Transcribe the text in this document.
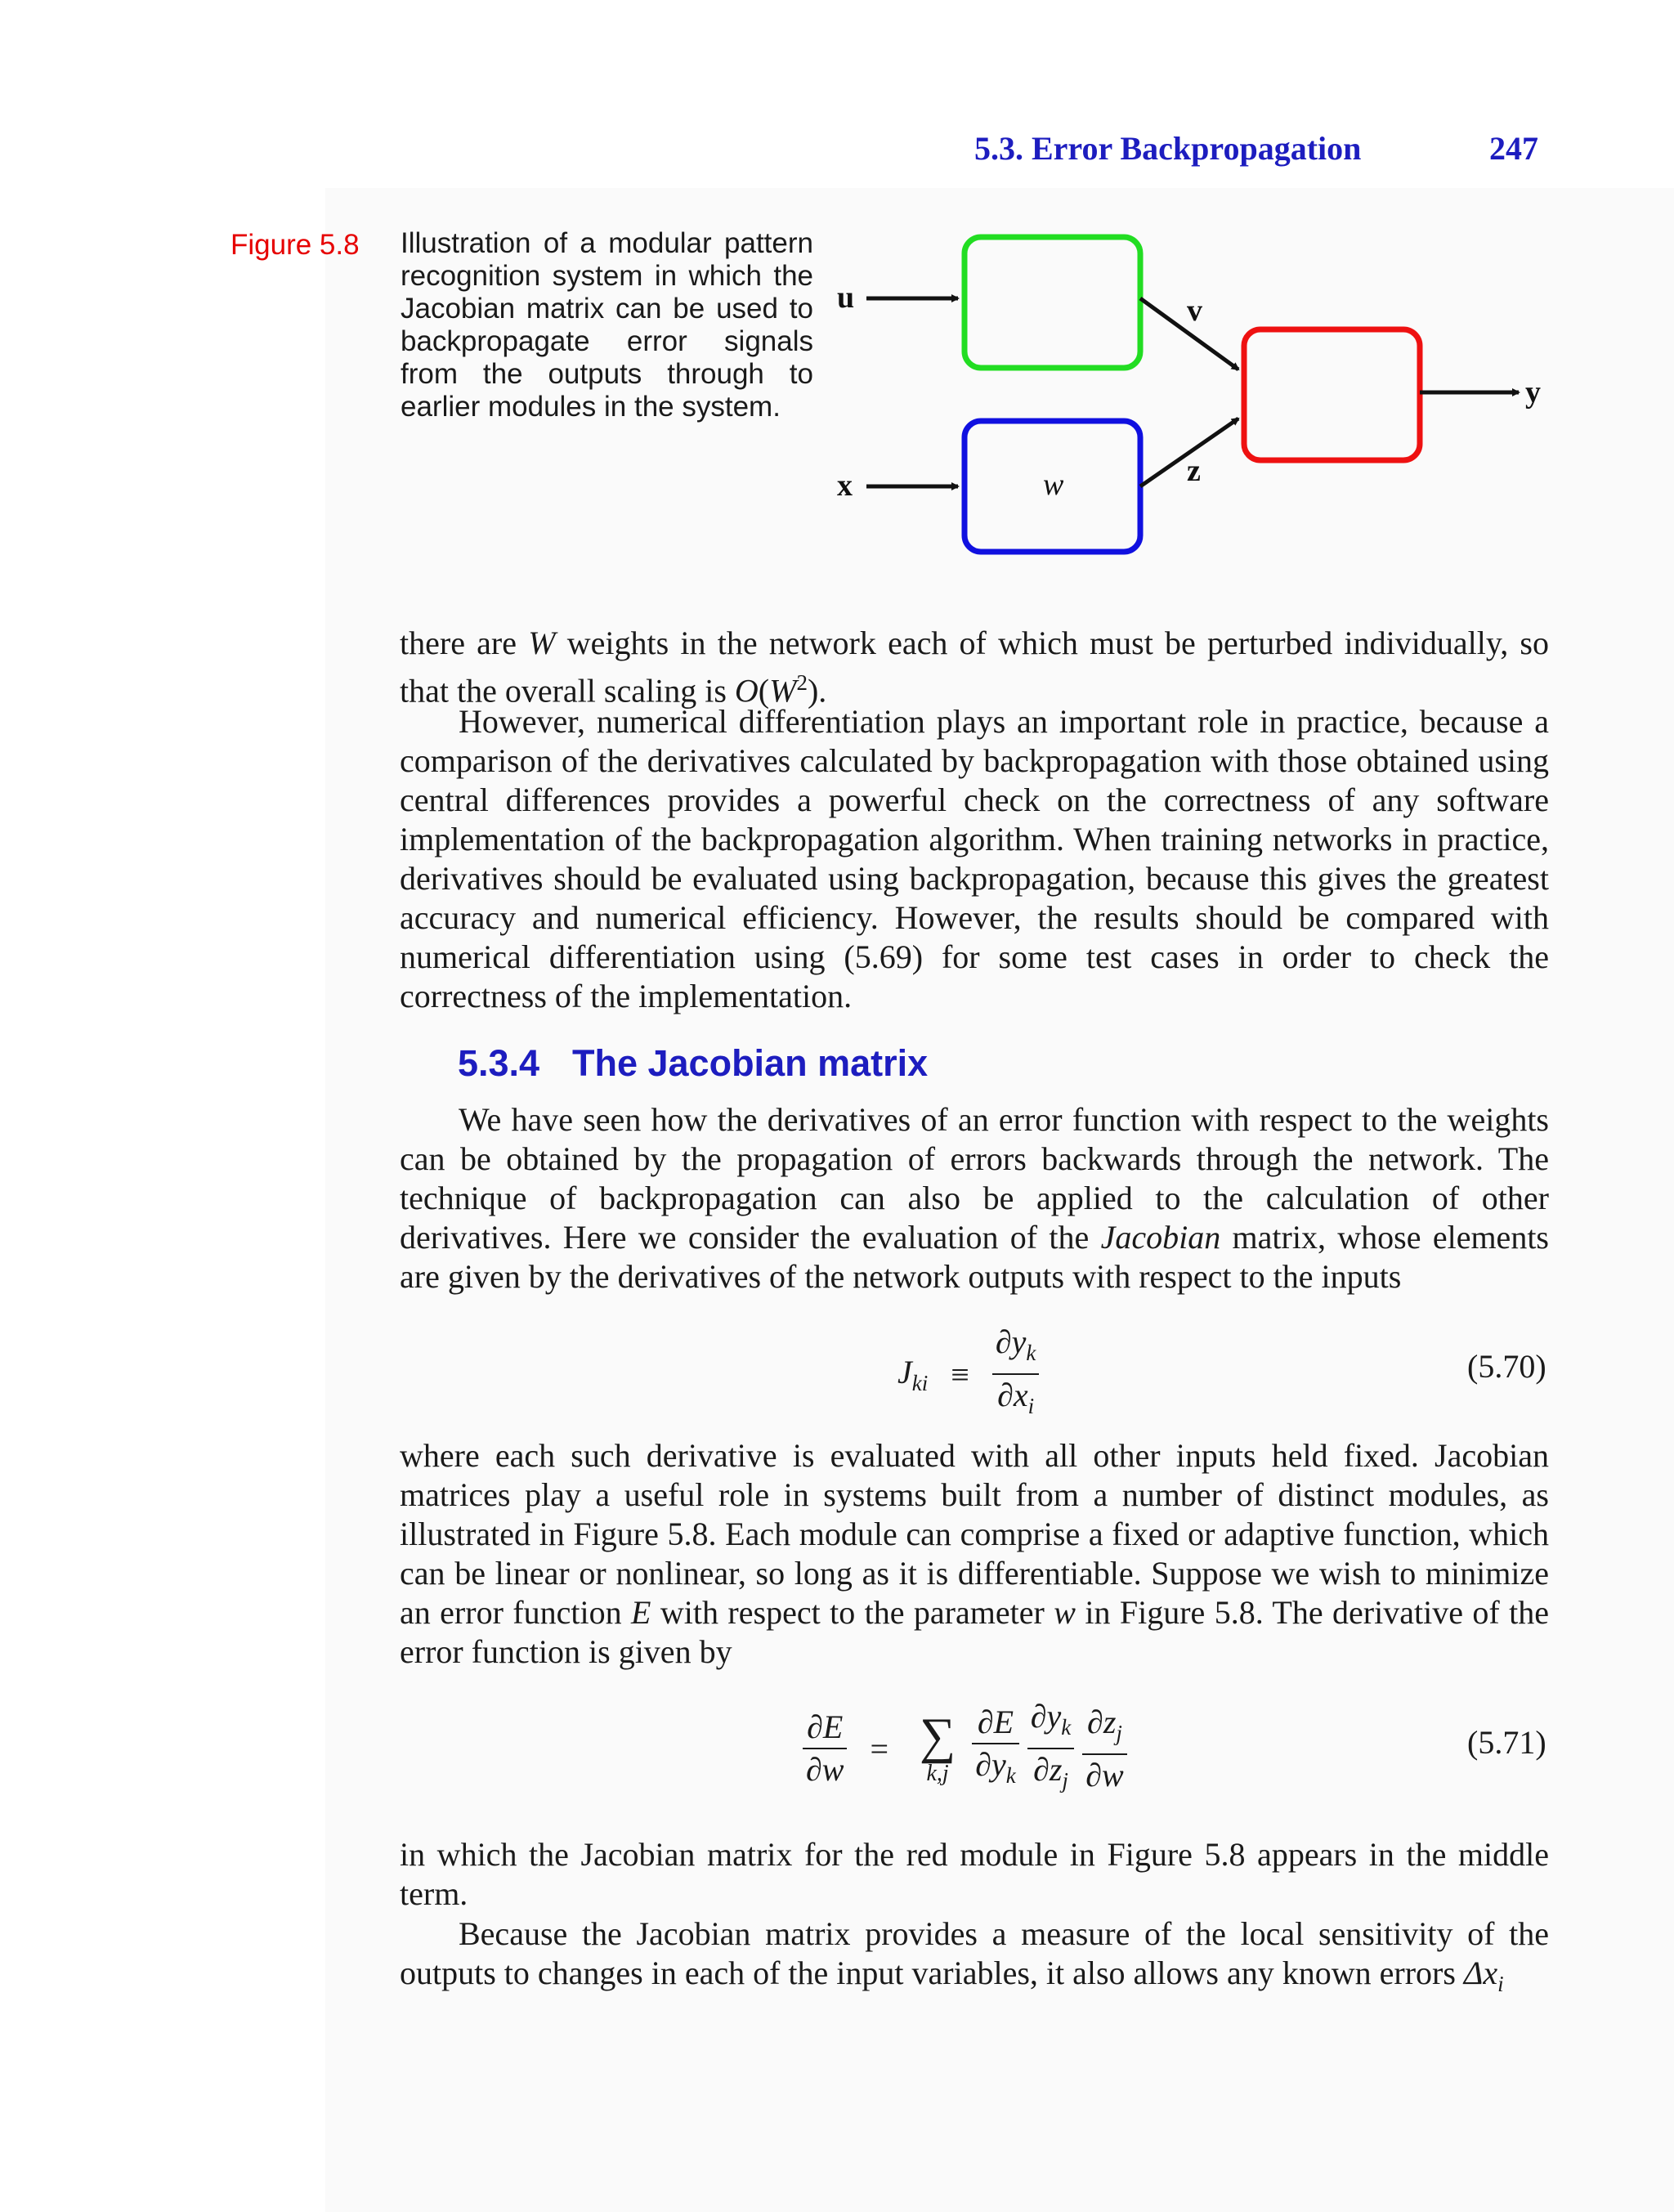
5.3. Error Backpropagation	247
Figure 5.8 Illustration of a modular pattern recognition system in which the Jacobian matrix can be used to backpropagate error signals from the outputs through to earlier modules in the system.
u
x	w
v
z
y

there are W weights in the network each of which must be perturbed individually, so that the overall scaling is $O(W^2)$.

However, numerical differentiation plays an important role in practice, because a comparison of the derivatives calculated by backpropagation with those obtained using central differences provides a powerful check on the correctness of any software implementation of the backpropagation algorithm. When training networks in practice, derivatives should be evaluated using backpropagation, because this gives the greatest accuracy and numerical efficiency. However, the results should be compared with numerical differentiation using (5.69) for some test cases in order to check the correctness of the implementation.

5.3.4 The Jacobian matrix

We have seen how the derivatives of an error function with respect to the weights can be obtained by the propagation of errors backwards through the network. The technique of backpropagation can also be applied to the calculation of other derivatives. Here we consider the evaluation of the Jacobian matrix, whose elements are given by the derivatives of the network outputs with respect to the inputs

$J_{ki} \equiv \frac{\partial y_k}{\partial x_i}$	(5.70)

where each such derivative is evaluated with all other inputs held fixed. Jacobian matrices play a useful role in systems built from a number of distinct modules, as illustrated in Figure 5.8. Each module can comprise a fixed or adaptive function, which can be linear or nonlinear, so long as it is differentiable. Suppose we wish to minimize an error function E with respect to the parameter w in Figure 5.8. The derivative of the error function is given by

$\frac{\partial E}{\partial w}$ = ∑
k,j
$\frac{\partial E}{\partial y_k}$
$\frac{\partial y_k}{\partial z_j}$
$\frac{\partial z_j}{\partial w}$	(5.71)

in which the Jacobian matrix for the red module in Figure 5.8 appears in the middle term.

Because the Jacobian matrix provides a measure of the local sensitivity of the outputs to changes in each of the input variables, it also allows any known errors $\Delta x_i$
